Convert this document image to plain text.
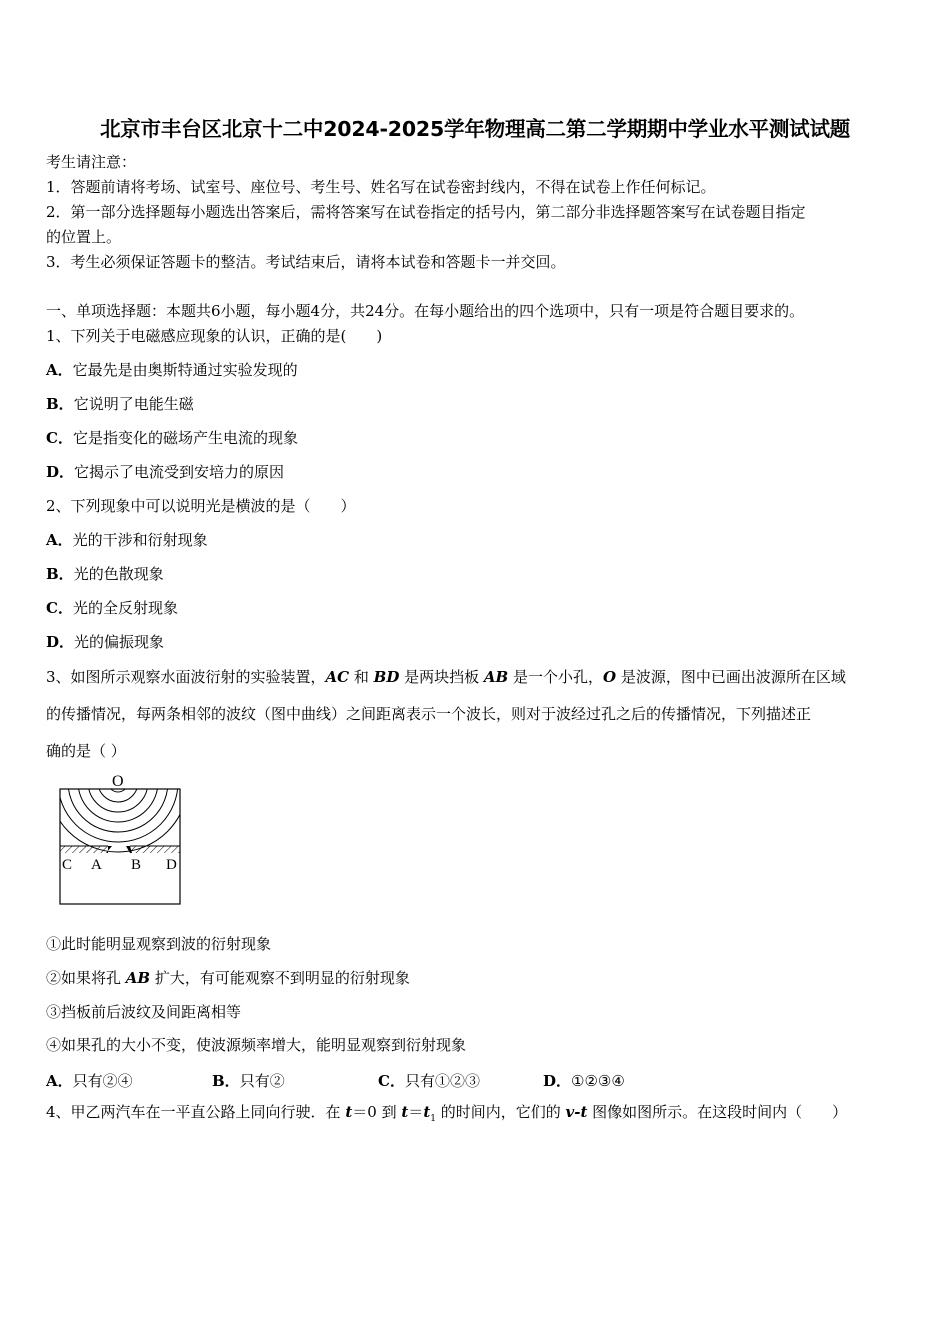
北京市丰台区北京十二中2024-2025学年物理高二第二学期期中学业水平测试试题
考生请注意：
1．答题前请将考场、试室号、座位号、考生号、姓名写在试卷密封线内，不得在试卷上作任何标记。
2．第一部分选择题每小题选出答案后，需将答案写在试卷指定的括号内，第二部分非选择题答案写在试卷题目指定
的位置上。
3．考生必须保证答题卡的整洁。考试结束后，请将本试卷和答题卡一并交回。
一、单项选择题：本题共6小题，每小题4分，共24分。在每小题给出的四个选项中，只有一项是符合题目要求的。
1、下列关于电磁感应现象的认识，正确的是(　　)
A．它最先是由奥斯特通过实验发现的
B．它说明了电能生磁
C．它是指变化的磁场产生电流的现象
D．它揭示了电流受到安培力的原因
2、下列现象中可以说明光是横波的是（　　）
A．光的干涉和衍射现象
B．光的色散现象
C．光的全反射现象
D．光的偏振现象
3、如图所示观察水面波衍射的实验装置，AC 和 BD 是两块挡板 AB 是一个小孔，O 是波源，图中已画出波源所在区域
的传播情况，每两条相邻的波纹（图中曲线）之间距离表示一个波长，则对于波经过孔之后的传播情况，下列描述正
确的是（ ）
O
C A B D
①此时能明显观察到波的衍射现象
②如果将孔 AB 扩大，有可能观察不到明显的衍射现象
③挡板前后波纹及间距离相等
④如果孔的大小不变，使波源频率增大，能明显观察到衍射现象
A．只有②④	B．只有②	C．只有①②③	D．①②③④
4、甲乙两汽车在一平直公路上同向行驶．在 t＝0 到 $t=t_1$ 的时间内，它们的 v-t 图像如图所示。在这段时间内（　　）
